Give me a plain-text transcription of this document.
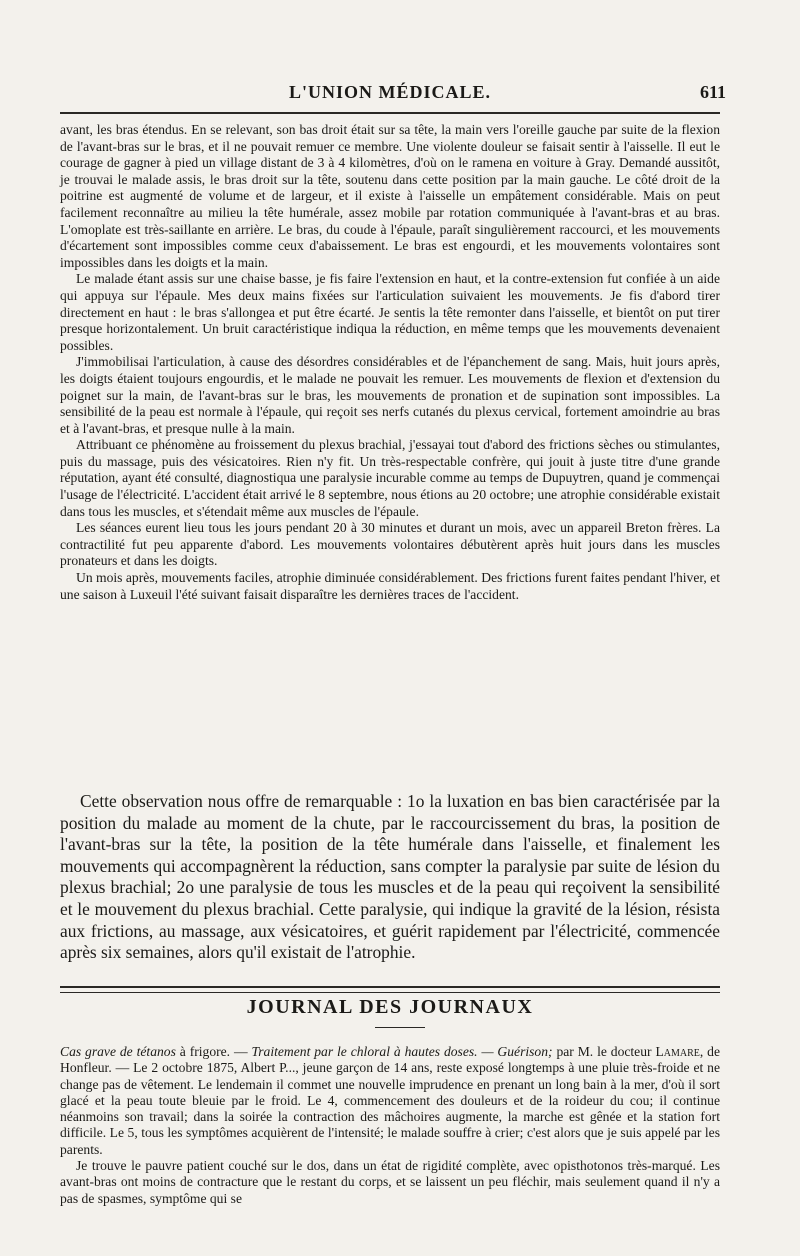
L'UNION MÉDICALE.	611

avant, les bras étendus. En se relevant, son bas droit était sur sa tête, la main vers l'oreille gauche par suite de la flexion de l'avant-bras sur le bras, et il ne pouvait remuer ce membre. Une violente douleur se faisait sentir à l'aisselle. Il eut le courage de gagner à pied un village distant de 3 à 4 kilomètres, d'où on le ramena en voiture à Gray. Demandé aussitôt, je trouvai le malade assis, le bras droit sur la tête, soutenu dans cette position par la main gauche. Le côté droit de la poitrine est augmenté de volume et de largeur, et il existe à l'aisselle un empâtement considérable. Mais on peut facilement reconnaître au milieu la tête humérale, assez mobile par rotation communiquée à l'avant-bras et au bras. L'omoplate est très-saillante en arrière. Le bras, du coude à l'épaule, paraît singulièrement raccourci, et les mouvements d'écartement sont impossibles comme ceux d'abaissement. Le bras est engourdi, et les mouvements volontaires sont impossibles dans les doigts et la main.

Le malade étant assis sur une chaise basse, je fis faire l'extension en haut, et la contre-extension fut confiée à un aide qui appuya sur l'épaule. Mes deux mains fixées sur l'articulation suivaient les mouvements. Je fis d'abord tirer directement en haut : le bras s'allongea et put être écarté. Je sentis la tête remonter dans l'aisselle, et bientôt on put tirer presque horizontalement. Un bruit caractéristique indiqua la réduction, en même temps que les mouvements devenaient possibles.

J'immobilisai l'articulation, à cause des désordres considérables et de l'épanchement de sang. Mais, huit jours après, les doigts étaient toujours engourdis, et le malade ne pouvait les remuer. Les mouvements de flexion et d'extension du poignet sur la main, de l'avant-bras sur le bras, les mouvements de pronation et de supination sont impossibles. La sensibilité de la peau est normale à l'épaule, qui reçoit ses nerfs cutanés du plexus cervical, fortement amoindrie au bras et à l'avant-bras, et presque nulle à la main.

Attribuant ce phénomène au froissement du plexus brachial, j'essayai tout d'abord des frictions sèches ou stimulantes, puis du massage, puis des vésicatoires. Rien n'y fit. Un très-respectable confrère, qui jouit à juste titre d'une grande réputation, ayant été consulté, diagnostiqua une paralysie incurable comme au temps de Dupuytren, quand je commençai l'usage de l'électricité. L'accident était arrivé le 8 septembre, nous étions au 20 octobre; une atrophie considérable existait dans tous les muscles, et s'étendait même aux muscles de l'épaule.

Les séances eurent lieu tous les jours pendant 20 à 30 minutes et durant un mois, avec un appareil Breton frères. La contractilité fut peu apparente d'abord. Les mouvements volontaires débutèrent après huit jours dans les muscles pronateurs et dans les doigts.

Un mois après, mouvements faciles, atrophie diminuée considérablement. Des frictions furent faites pendant l'hiver, et une saison à Luxeuil l'été suivant faisait disparaître les dernières traces de l'accident.

Cette observation nous offre de remarquable : 1o la luxation en bas bien caractérisée par la position du malade au moment de la chute, par le raccourcissement du bras, la position de l'avant-bras sur la tête, la position de la tête humérale dans l'aisselle, et finalement les mouvements qui accompagnèrent la réduction, sans compter la paralysie par suite de lésion du plexus brachial; 2o une paralysie de tous les muscles et de la peau qui reçoivent la sensibilité et le mouvement du plexus brachial. Cette paralysie, qui indique la gravité de la lésion, résista aux frictions, au massage, aux vésicatoires, et guérit rapidement par l'électricité, commencée après six semaines, alors qu'il existait de l'atrophie.

JOURNAL DES JOURNAUX

Cas grave de tétanos à frigore. — Traitement par le chloral à hautes doses. — Guérison; par M. le docteur Lamare, de Honfleur. — Le 2 octobre 1875, Albert P..., jeune garçon de 14 ans, reste exposé longtemps à une pluie très-froide et ne change pas de vêtement. Le lendemain il commet une nouvelle imprudence en prenant un long bain à la mer, d'où il sort glacé et la peau toute bleuie par le froid. Le 4, commencement des douleurs et de la roideur du cou; il continue néanmoins son travail; dans la soirée la contraction des mâchoires augmente, la marche est gênée et la station fort difficile. Le 5, tous les symptômes acquièrent de l'intensité; le malade souffre à crier; c'est alors que je suis appelé par les parents.

Je trouve le pauvre patient couché sur le dos, dans un état de rigidité complète, avec opisthotonos très-marqué. Les avant-bras ont moins de contracture que le restant du corps, et se laissent un peu fléchir, mais seulement quand il n'y a pas de spasmes, symptôme qui se
